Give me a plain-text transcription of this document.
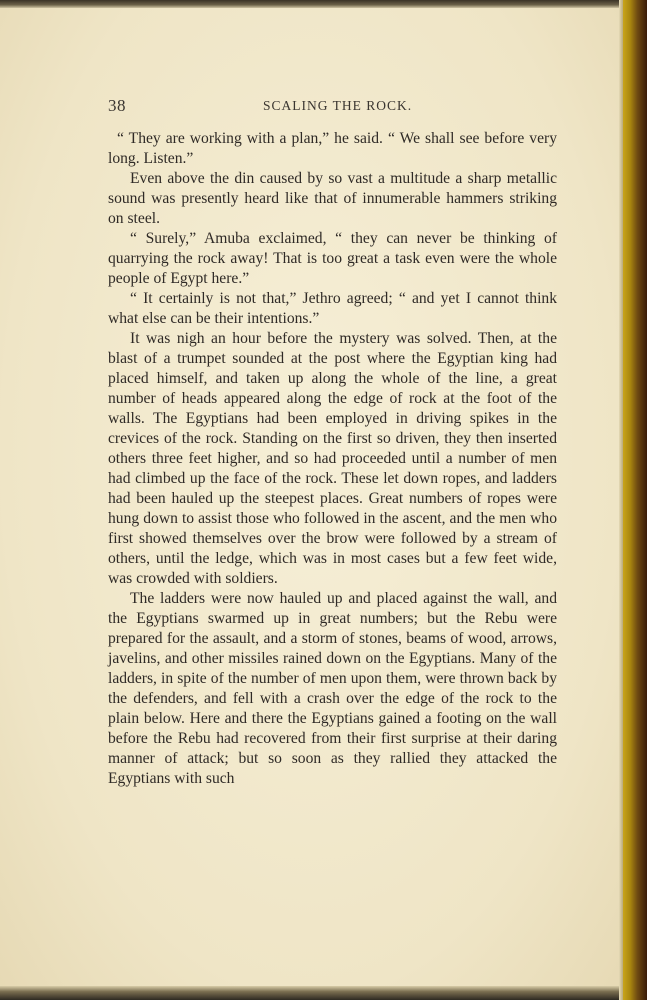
38	SCALING THE ROCK.

“ They are working with a plan,” he said. “ We shall see before very long. Listen.”

Even above the din caused by so vast a multitude a sharp metallic sound was presently heard like that of innumerable hammers striking on steel.

“ Surely,” Amuba exclaimed, “ they can never be thinking of quarrying the rock away! That is too great a task even were the whole people of Egypt here.”

“ It certainly is not that,” Jethro agreed; “ and yet I cannot think what else can be their intentions.”

It was nigh an hour before the mystery was solved. Then, at the blast of a trumpet sounded at the post where the Egyptian king had placed himself, and taken up along the whole of the line, a great number of heads appeared along the edge of rock at the foot of the walls. The Egyptians had been employed in driving spikes in the crevices of the rock. Standing on the first so driven, they then inserted others three feet higher, and so had proceeded until a number of men had climbed up the face of the rock. These let down ropes, and ladders had been hauled up the steepest places. Great numbers of ropes were hung down to assist those who followed in the ascent, and the men who first showed themselves over the brow were followed by a stream of others, until the ledge, which was in most cases but a few feet wide, was crowded with soldiers.

The ladders were now hauled up and placed against the wall, and the Egyptians swarmed up in great numbers; but the Rebu were prepared for the assault, and a storm of stones, beams of wood, arrows, javelins, and other missiles rained down on the Egyptians. Many of the ladders, in spite of the number of men upon them, were thrown back by the defenders, and fell with a crash over the edge of the rock to the plain below. Here and there the Egyptians gained a footing on the wall before the Rebu had recovered from their first surprise at their daring manner of attack; but so soon as they rallied they attacked the Egyptians with such
